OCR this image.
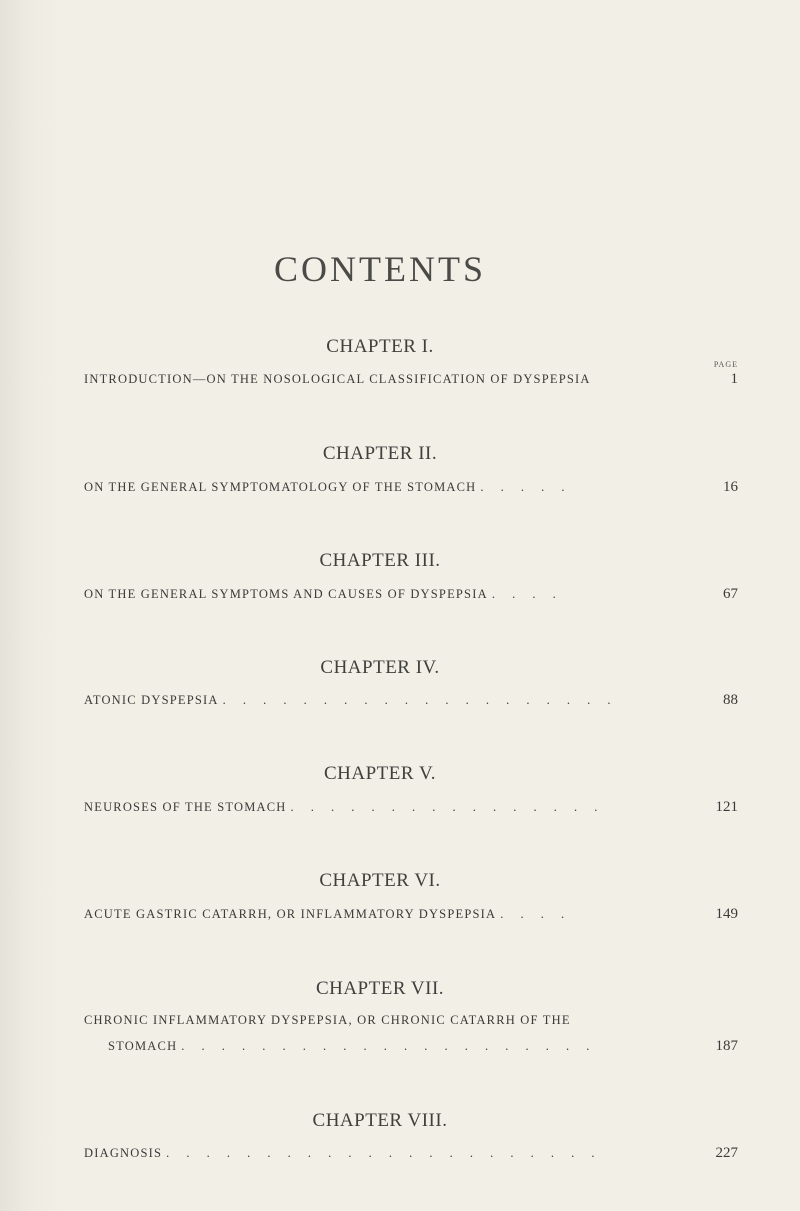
CONTENTS
PAGE
CHAPTER I.
INTRODUCTION—ON THE NOSOLOGICAL CLASSIFICATION OF DYSPEPSIA	1
CHAPTER II.
ON THE GENERAL SYMPTOMATOLOGY OF THE STOMACH . . . . .	16
CHAPTER III.
ON THE GENERAL SYMPTOMS AND CAUSES OF DYSPEPSIA . . . .	67
CHAPTER IV.
ATONIC DYSPEPSIA . . . . . . . . . . . . . . . . . . . .	88
CHAPTER V.
NEUROSES OF THE STOMACH . . . . . . . . . . . . . . . .	121
CHAPTER VI.
ACUTE GASTRIC CATARRH, OR INFLAMMATORY DYSPEPSIA . . . .	149
CHAPTER VII.
CHRONIC INFLAMMATORY DYSPEPSIA, OR CHRONIC CATARRH OF THE
STOMACH . . . . . . . . . . . . . . . . . . . . .	187
CHAPTER VIII.
DIAGNOSIS . . . . . . . . . . . . . . . . . . . . . .	227
